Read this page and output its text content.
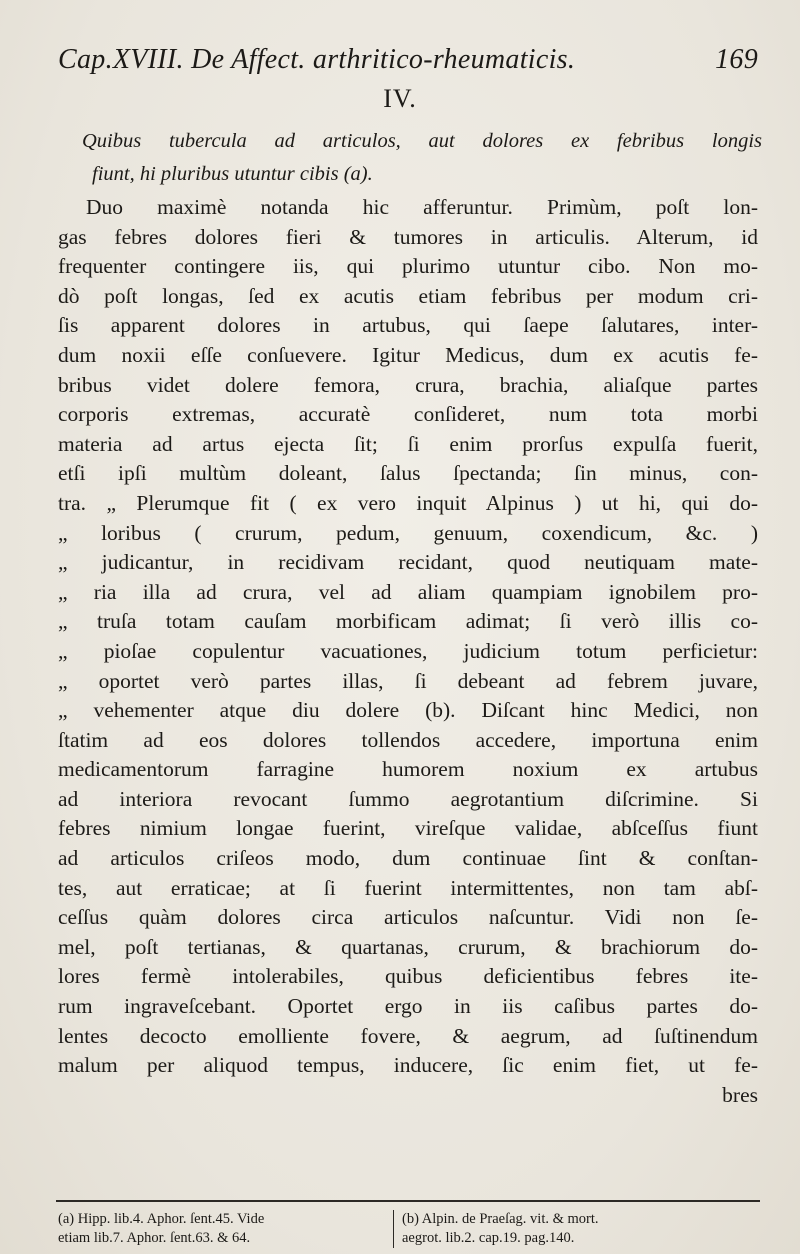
Cap.XVIII. De Affect. arthritico-rheumaticis.	169
IV.
Quibus tubercula ad articulos, aut dolores ex febribus longis
fiunt, hi pluribus utuntur cibis (a).
Duo maximè notanda hic afferuntur. Primùm, poſt lon-
gas febres dolores fieri & tumores in articulis. Alterum, id
frequenter contingere iis, qui plurimo utuntur cibo. Non mo-
dò poſt longas, ſed ex acutis etiam febribus per modum cri-
ſis apparent dolores in artubus, qui ſaepe ſalutares, inter-
dum noxii eſſe conſuevere. Igitur Medicus, dum ex acutis fe-
bribus videt dolere femora, crura, brachia, aliaſque partes
corporis extremas, accuratè conſideret, num tota morbi
materia ad artus ejecta ſit; ſi enim prorſus expulſa fuerit,
etſi ipſi multùm doleant, ſalus ſpectanda; ſin minus, con-
tra. „ Plerumque fit ( ex vero inquit Alpinus ) ut hi, qui do-
„ loribus ( crurum, pedum, genuum, coxendicum, &c. )
„ judicantur, in recidivam recidant, quod neutiquam mate-
„ ria illa ad crura, vel ad aliam quampiam ignobilem pro-
„ truſa totam cauſam morbificam adimat; ſi verò illis co-
„ pioſae copulentur vacuationes, judicium totum perficietur:
„ oportet verò partes illas, ſi debeant ad febrem juvare,
„ vehementer atque diu dolere (b). Diſcant hinc Medici, non
ſtatim ad eos dolores tollendos accedere, importuna enim
medicamentorum farragine humorem noxium ex artubus
ad interiora revocant ſummo aegrotantium diſcrimine. Si
febres nimium longae fuerint, vireſque validae, abſceſſus fiunt
ad articulos criſeos modo, dum continuae ſint & conſtan-
tes, aut erraticae; at ſi fuerint intermittentes, non tam abſ-
ceſſus quàm dolores circa articulos naſcuntur. Vidi non ſe-
mel, poſt tertianas, & quartanas, crurum, & brachiorum do-
lores fermè intolerabiles, quibus deficientibus febres ite-
rum ingraveſcebant. Oportet ergo in iis caſibus partes do-
lentes decocto emolliente fovere, & aegrum, ad ſuſtinendum
malum per aliquod tempus, inducere, ſic enim fiet, ut fe-
bres
(a) Hipp. lib.4. Aphor. ſent.45. Vide
etiam lib.7. Aphor. ſent.63. & 64.
(b) Alpin. de Praeſag. vit. & mort.
aegrot. lib.2. cap.19. pag.140.
